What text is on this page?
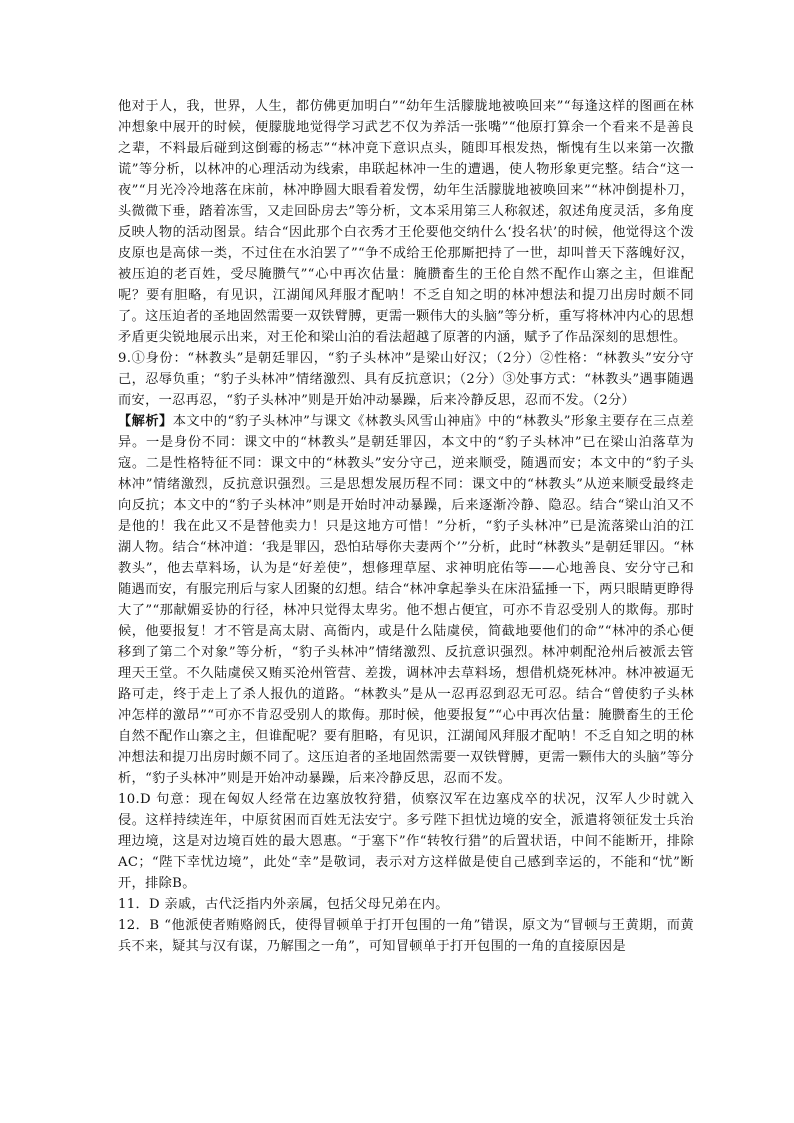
他对于人，我，世界，人生，都仿佛更加明白”“幼年生活朦胧地被唤回来”“每逢这样的图画在林冲想象中展开的时候，便朦胧地觉得学习武艺不仅为养活一张嘴”“他原打算余一个看来不是善良之辈，不料最后碰到这倒霉的杨志”“林冲竟下意识点头，随即耳根发热，惭愧有生以来第一次撒谎”等分析，以林冲的心理活动为线索，串联起林冲一生的遭遇，使人物形象更完整。结合“这一夜”“月光冷冷地落在床前，林冲睁圆大眼看着发愣，幼年生活朦胧地被唤回来”“林冲倒提朴刀，头微微下垂，踏着冻雪，又走回卧房去”等分析，文本采用第三人称叙述，叙述角度灵活，多角度反映人物的活动图景。结合“因此那个白衣秀才王伦要他交纳什么‘投名状’的时候，他觉得这个泼皮原也是高俅一类，不过住在水泊罢了”“争不成给王伦那厮把持了一世，却叫普天下落魄好汉，被压迫的老百姓，受尽腌臜气”“心中再次估量：腌臜畜生的王伦自然不配作山寨之主，但谁配呢？要有胆略，有见识，江湖闻风拜服才配呐！不乏自知之明的林冲想法和提刀出房时颇不同了。这压迫者的圣地固然需要一双铁臂膊，更需一颗伟大的头脑”等分析，重写将林冲内心的思想矛盾更尖锐地展示出来，对王伦和梁山泊的看法超越了原著的内涵，赋予了作品深刻的思想性。

9.①身份：“林教头”是朝廷罪囚，“豹子头林冲”是梁山好汉；（2分）②性格：“林教头”安分守己，忍辱负重；“豹子头林冲”情绪激烈、具有反抗意识；（2分）③处事方式：“林教头”遇事随遇而安，一忍再忍，“豹子头林冲”则是开始冲动暴躁，后来冷静反思，忍而不发。（2分）

【解析】本文中的“豹子头林冲”与课文《林教头风雪山神庙》中的“林教头”形象主要存在三点差异。一是身份不同：课文中的“林教头”是朝廷罪囚，本文中的“豹子头林冲”已在梁山泊落草为寇。二是性格特征不同：课文中的“林教头”安分守己，逆来顺受，随遇而安；本文中的“豹子头林冲”情绪激烈，反抗意识强烈。三是思想发展历程不同：课文中的“林教头”从逆来顺受最终走向反抗；本文中的“豹子头林冲”则是开始时冲动暴躁，后来逐渐冷静、隐忍。结合“梁山泊又不是他的！我在此又不是替他卖力！只是这地方可惜！”分析，“豹子头林冲”已是流落梁山泊的江湖人物。结合“林冲道：‘我是罪囚，恐怕玷辱你夫妻两个’”分析，此时“林教头”是朝廷罪囚。“林教头”，他去草料场，认为是“好差使”，想修理草屋、求神明庇佑等——心地善良、安分守己和随遇而安，有服完刑后与家人团聚的幻想。结合“林冲拿起拳头在床沿猛捶一下，两只眼睛更睁得大了”“那献媚妥协的行径，林冲只觉得太卑劣。他不想占便宜，可亦不肯忍受别人的欺侮。那时候，他要报复！才不管是高太尉、高衙内，或是什么陆虞侯，简截地要他们的命”“林冲的杀心便移到了第二个对象”等分析，“豹子头林冲”情绪激烈、反抗意识强烈。林冲刺配沧州后被派去管理天王堂。不久陆虞侯又贿买沧州管营、差拨，调林冲去草料场，想借机烧死林冲。林冲被逼无路可走，终于走上了杀人报仇的道路。“林教头”是从一忍再忍到忍无可忍。结合“曾使豹子头林冲怎样的激昂”“可亦不肯忍受别人的欺侮。那时候，他要报复”“心中再次估量：腌臜畜生的王伦自然不配作山寨之主，但谁配呢？要有胆略，有见识，江湖闻风拜服才配呐！不乏自知之明的林冲想法和提刀出房时颇不同了。这压迫者的圣地固然需要一双铁臂膊，更需一颗伟大的头脑”等分析，“豹子头林冲”则是开始冲动暴躁，后来冷静反思，忍而不发。

10.D 句意：现在匈奴人经常在边塞放牧狩猎，侦察汉军在边塞戍卒的状况，汉军人少时就入侵。这样持续连年，中原贫困而百姓无法安宁。多亏陛下担忧边境的安全，派遣将领征发士兵治理边境，这是对边境百姓的最大恩惠。“于塞下”作“转牧行猎”的后置状语，中间不能断开，排除AC；“陛下幸忧边境”，此处“幸”是敬词，表示对方这样做是使自己感到幸运的，不能和“忧”断开，排除B。

11．D 亲戚，古代泛指内外亲属，包括父母兄弟在内。

12．B “他派使者贿赂阏氏，使得冒顿单于打开包围的一角”错误，原文为“冒顿与王黄期，而黄兵不来，疑其与汉有谋，乃解围之一角”，可知冒顿单于打开包围的一角的直接原因是
